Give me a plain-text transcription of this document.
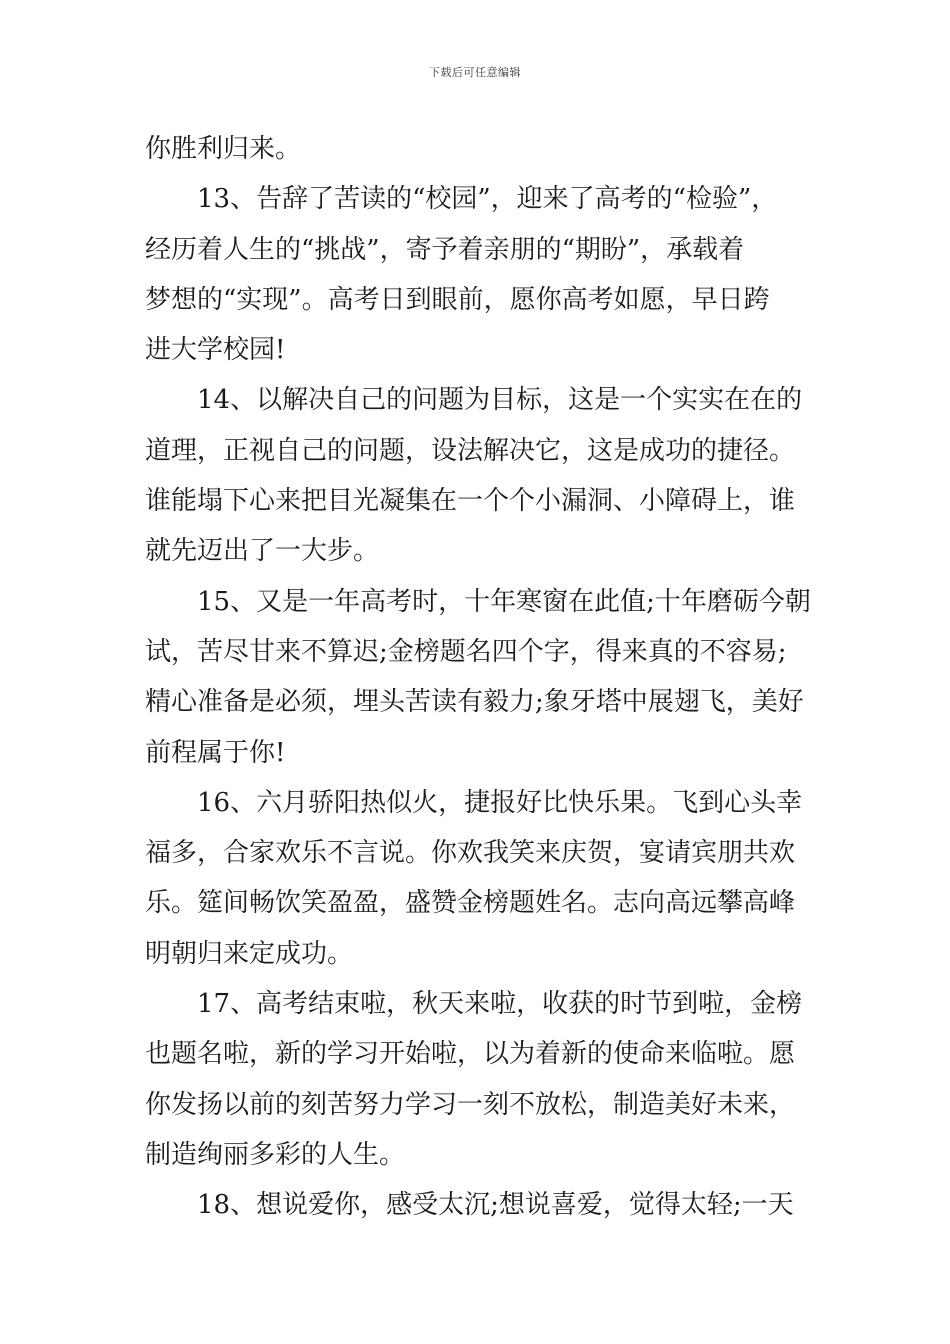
下载后可任意编辑
你胜利归来。
13、告辞了苦读的“校园”，迎来了高考的“检验”，
经历着人生的“挑战”，寄予着亲朋的“期盼”，承载着
梦想的“实现”。高考日到眼前，愿你高考如愿，早日跨
进大学校园!
14、以解决自己的问题为目标，这是一个实实在在的
道理，正视自己的问题，设法解决它，这是成功的捷径。
谁能塌下心来把目光凝集在一个个小漏洞、小障碍上，谁
就先迈出了一大步。
15、又是一年高考时，十年寒窗在此值;十年磨砺今朝
试，苦尽甘来不算迟;金榜题名四个字，得来真的不容易;
精心准备是必须，埋头苦读有毅力;象牙塔中展翅飞，美好
前程属于你!
16、六月骄阳热似火，捷报好比快乐果。飞到心头幸
福多，合家欢乐不言说。你欢我笑来庆贺，宴请宾朋共欢
乐。筵间畅饮笑盈盈，盛赞金榜题姓名。志向高远攀高峰
明朝归来定成功。
17、高考结束啦，秋天来啦，收获的时节到啦，金榜
也题名啦，新的学习开始啦，以为着新的使命来临啦。愿
你发扬以前的刻苦努力学习一刻不放松，制造美好未来，
制造绚丽多彩的人生。
18、想说爱你，感受太沉;想说喜爱，觉得太轻;一天
